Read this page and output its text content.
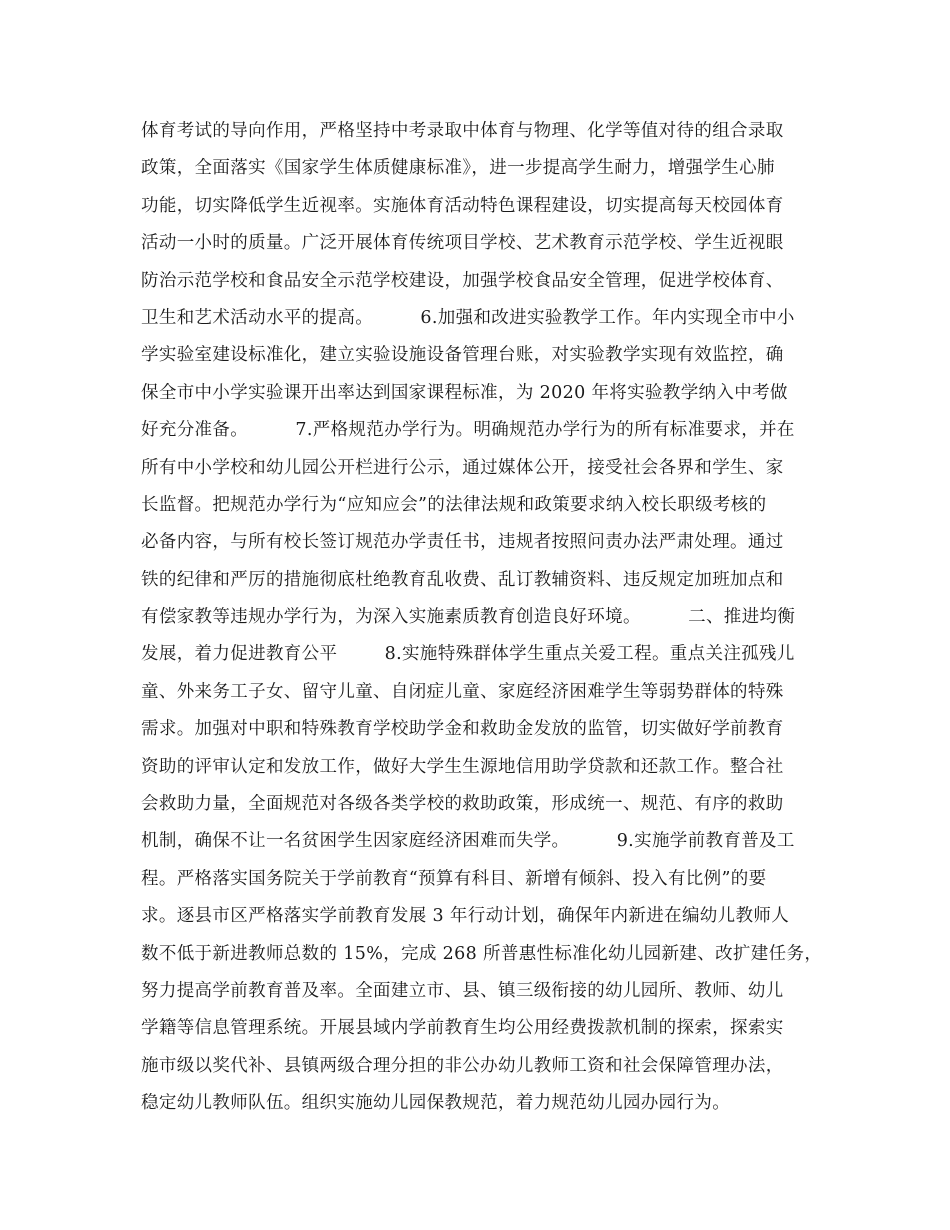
体育考试的导向作用，严格坚持中考录取中体育与物理、化学等值对待的组合录取
政策，全面落实《国家学生体质健康标准》，进一步提高学生耐力，增强学生心肺
功能，切实降低学生近视率。实施体育活动特色课程建设，切实提高每天校园体育
活动一小时的质量。广泛开展体育传统项目学校、艺术教育示范学校、学生近视眼
防治示范学校和食品安全示范学校建设，加强学校食品安全管理，促进学校体育、
卫生和艺术活动水平的提高。        6.加强和改进实验教学工作。年内实现全市中小
学实验室建设标准化，建立实验设施设备管理台账，对实验教学实现有效监控，确
保全市中小学实验课开出率达到国家课程标准，为 2020 年将实验教学纳入中考做
好充分准备。        7.严格规范办学行为。明确规范办学行为的所有标准要求，并在
所有中小学校和幼儿园公开栏进行公示，通过媒体公开，接受社会各界和学生、家
长监督。把规范办学行为“应知应会”的法律法规和政策要求纳入校长职级考核的
必备内容，与所有校长签订规范办学责任书，违规者按照问责办法严肃处理。通过
铁的纪律和严厉的措施彻底杜绝教育乱收费、乱订教辅资料、违反规定加班加点和
有偿家教等违规办学行为，为深入实施素质教育创造良好环境。        二、推进均衡
发展，着力促进教育公平        8.实施特殊群体学生重点关爱工程。重点关注孤残儿
童、外来务工子女、留守儿童、自闭症儿童、家庭经济困难学生等弱势群体的特殊
需求。加强对中职和特殊教育学校助学金和救助金发放的监管，切实做好学前教育
资助的评审认定和发放工作，做好大学生生源地信用助学贷款和还款工作。整合社
会救助力量，全面规范对各级各类学校的救助政策，形成统一、规范、有序的救助
机制，确保不让一名贫困学生因家庭经济困难而失学。        9.实施学前教育普及工
程。严格落实国务院关于学前教育“预算有科目、新增有倾斜、投入有比例”的要
求。逐县市区严格落实学前教育发展 3 年行动计划，确保年内新进在编幼儿教师人
数不低于新进教师总数的 15%，完成 268 所普惠性标准化幼儿园新建、改扩建任务，
努力提高学前教育普及率。全面建立市、县、镇三级衔接的幼儿园所、教师、幼儿
学籍等信息管理系统。开展县域内学前教育生均公用经费拨款机制的探索，探索实
施市级以奖代补、县镇两级合理分担的非公办幼儿教师工资和社会保障管理办法，
稳定幼儿教师队伍。组织实施幼儿园保教规范，着力规范幼儿园办园行为。
